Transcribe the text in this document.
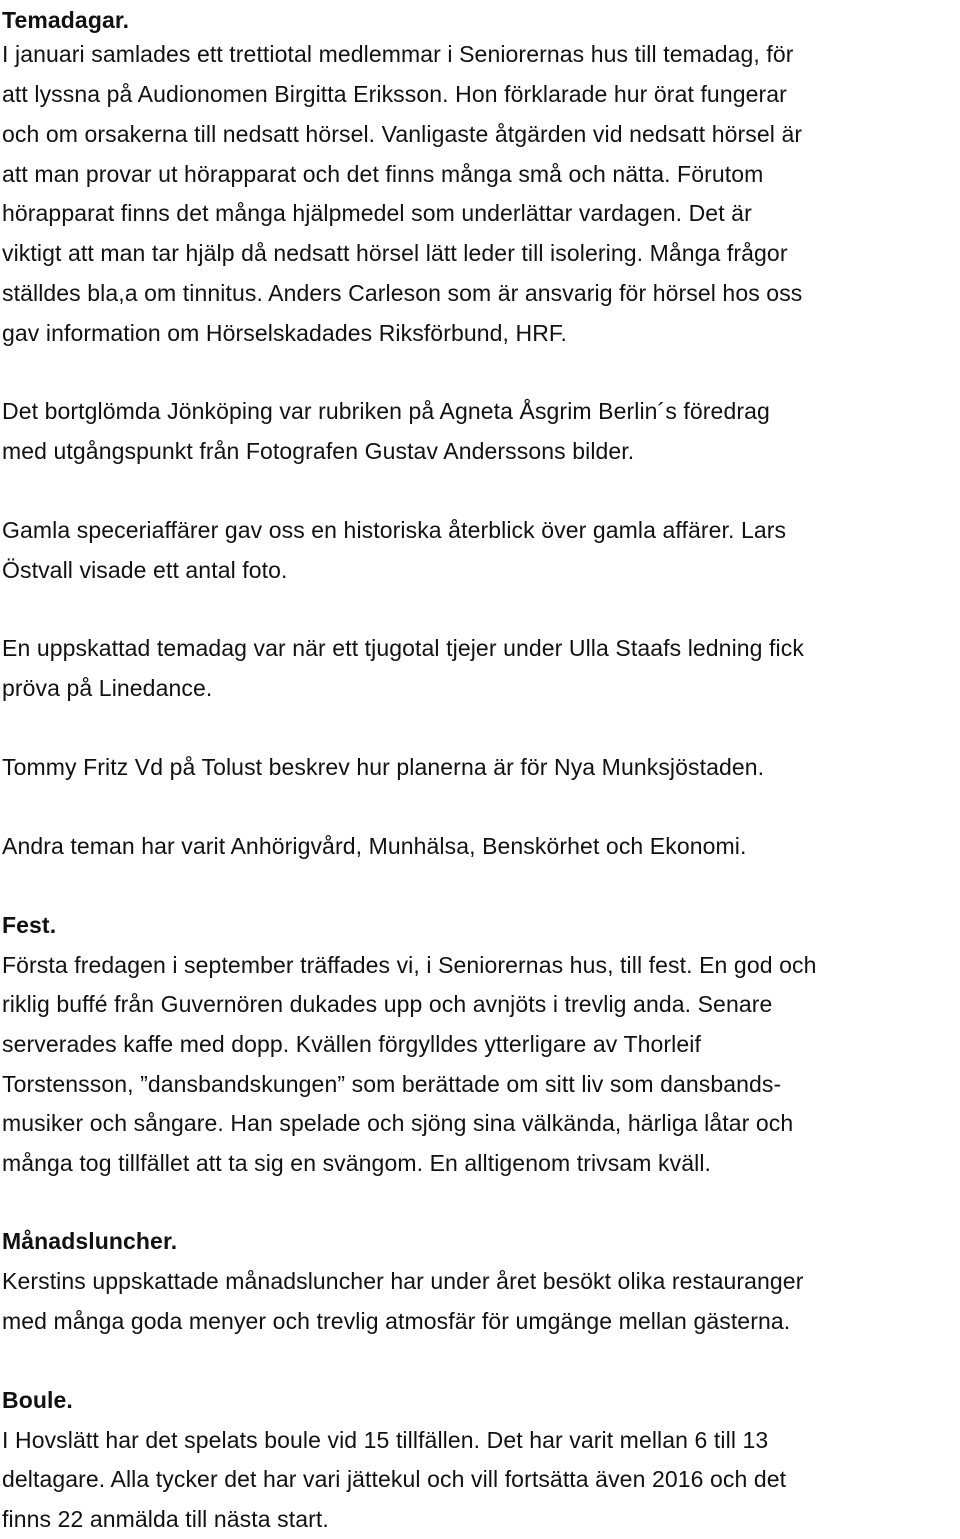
Temadagar.

I januari samlades ett trettiotal medlemmar i Seniorernas hus till temadag, för

att lyssna på Audionomen Birgitta Eriksson. Hon förklarade hur örat fungerar

och om orsakerna till nedsatt hörsel. Vanligaste åtgärden vid nedsatt hörsel är

att man provar ut hörapparat och det finns många små och nätta. Förutom

hörapparat finns det många hjälpmedel som underlättar vardagen. Det är

viktigt att man tar hjälp då nedsatt hörsel lätt leder till isolering. Många frågor

ställdes bla,a om tinnitus. Anders Carleson som är ansvarig för hörsel hos oss

gav information om Hörselskadades Riksförbund, HRF.

Det bortglömda Jönköping var rubriken på Agneta Åsgrim Berlin´s föredrag

med utgångspunkt från Fotografen Gustav Anderssons bilder.

Gamla speceriaffärer gav oss en historiska återblick över gamla affärer. Lars

Östvall visade ett antal foto.

En uppskattad temadag var när ett tjugotal tjejer under Ulla Staafs ledning fick

pröva på Linedance.

Tommy Fritz Vd på Tolust beskrev hur planerna är för Nya Munksjöstaden.

Andra teman har varit Anhörigvård, Munhälsa, Benskörhet och Ekonomi.

Fest.

Första fredagen i september träffades vi, i Seniorernas hus, till fest. En god och

riklig buffé från Guvernören dukades upp och avnjöts i trevlig anda. Senare

serverades kaffe med dopp. Kvällen förgylldes ytterligare av Thorleif

Torstensson, ”dansbandskungen” som berättade om sitt liv som dansbands-

musiker och sångare. Han spelade och sjöng sina välkända, härliga låtar och

många tog tillfället att ta sig en svängom. En alltigenom trivsam kväll.

Månadsluncher.

Kerstins uppskattade månadsluncher har under året besökt olika restauranger

med många goda menyer och trevlig atmosfär för umgänge mellan gästerna.

Boule.

I Hovslätt har det spelats boule vid 15 tillfällen. Det har varit mellan 6 till 13

deltagare. Alla tycker det har vari jättekul och vill fortsätta även 2016 och det

finns 22 anmälda till nästa start.
